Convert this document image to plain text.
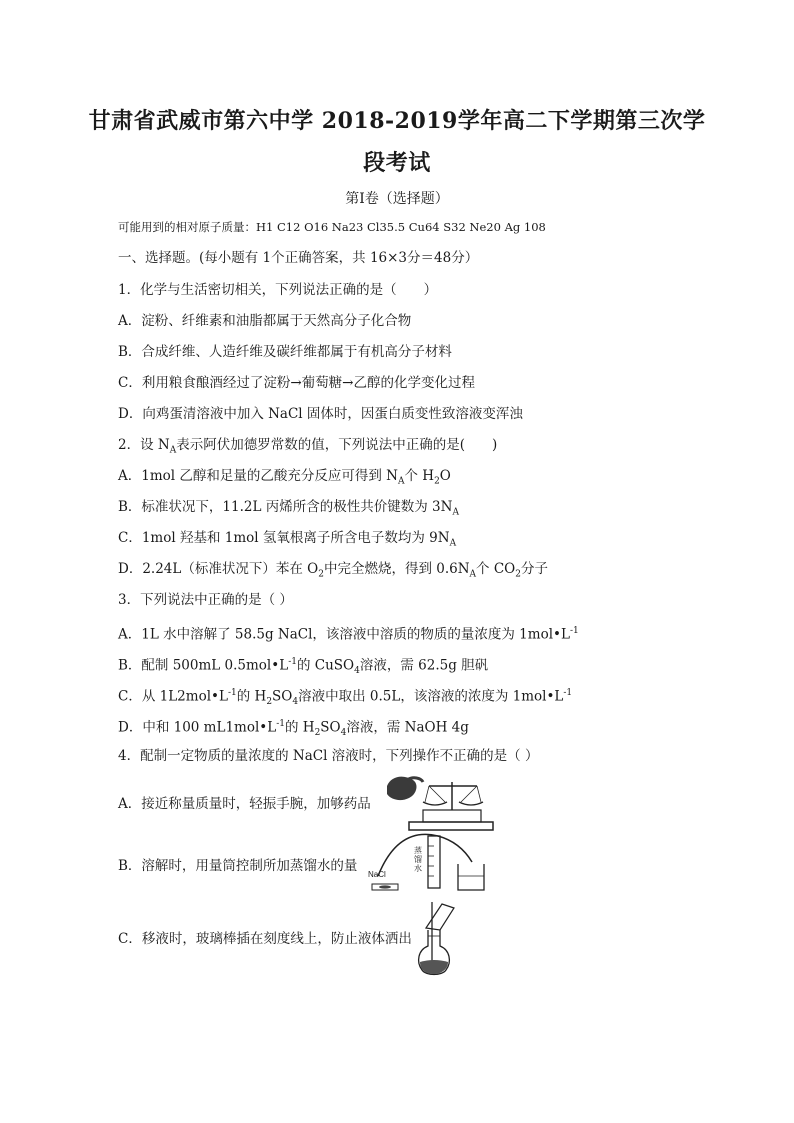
甘肃省武威市第六中学 2018-2019学年高二下学期第三次学
段考试
第I卷（选择题）
可能用到的相对原子质量：H1 C12 O16 Na23 Cl35.5 Cu64 S32 Ne20 Ag 108
一、选择题。(每小题有 1个正确答案，共 16×3分＝48分）
1．化学与生活密切相关，下列说法正确的是（　　）
A．淀粉、纤维素和油脂都属于天然高分子化合物
B．合成纤维、人造纤维及碳纤维都属于有机高分子材料
C．利用粮食酿酒经过了淀粉→葡萄糖→乙醇的化学变化过程
D．向鸡蛋清溶液中加入 NaCl 固体时，因蛋白质变性致溶液变浑浊
2．设 $N_A$表示阿伏加德罗常数的值，下列说法中正确的是(　　)
A．1mol 乙醇和足量的乙酸充分反应可得到 $N_A$个 $H_2O$
B．标准状况下，11.2L 丙烯所含的极性共价键数为 $3N_A$
C．1mol 羟基和 1mol 氢氧根离子所含电子数均为 $9N_A$
D．2.24L（标准状况下）苯在 $O_2$中完全燃烧，得到 $0.6N_A$个 $CO_2$分子
3．下列说法中正确的是（ ）
A．1L 水中溶解了 58.5g NaCl，该溶液中溶质的物质的量浓度为 $1mol•L^{-1}$
B．配制 500mL $0.5mol•L^{-1}$的 CuSO$_4$溶液，需 62.5g 胆矾
C．从 $1L2mol•L^{-1}$的 $H_2SO_4$溶液中取出 0.5L，该溶液的浓度为 $1mol•L^{-1}$
D．中和 100 $mL1mol•L^{-1}$的 $H_2SO_4$溶液，需 NaOH 4g
4．配制一定物质的量浓度的 NaCl 溶液时，下列操作不正确的是（ ）
A．接近称量质量时，轻振手腕，加够药品
B．溶解时，用量筒控制所加蒸馏水的量
NaCl
蒸馏水
C．移液时，玻璃棒插在刻度线上，防止液体洒出
